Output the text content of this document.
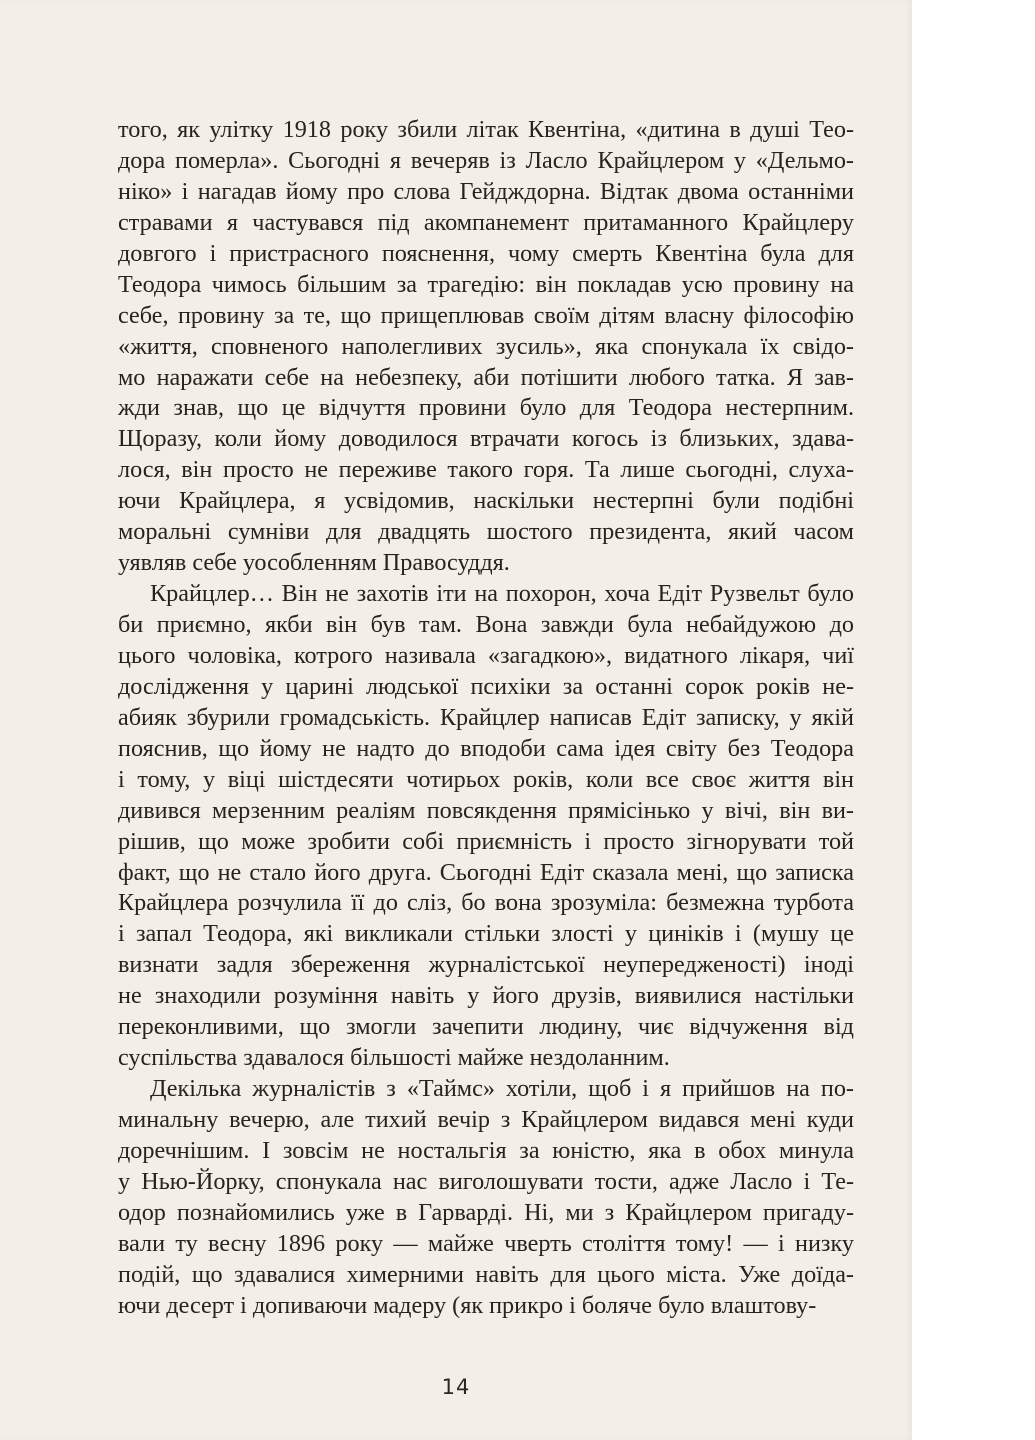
того, як улітку 1918 року збили літак Квентіна, «дитина в душі Тео-
дора померла». Сьогодні я вечеряв із Ласло Крайцлером у «Дельмо-
ніко» і нагадав йому про слова Гейдждорна. Відтак двома останніми
стравами я частувався під акомпанемент притаманного Крайцлеру
довгого і пристрасного пояснення, чому смерть Квентіна була для
Теодора чимось більшим за трагедію: він покладав усю провину на
себе, провину за те, що прищеплював своїм дітям власну філософію
«життя, сповненого наполегливих зусиль», яка спонукала їх свідо-
мо наражати себе на небезпеку, аби потішити любого татка. Я зав-
жди знав, що це відчуття провини було для Теодора нестерпним.
Щоразу, коли йому доводилося втрачати когось із близьких, здава-
лося, він просто не переживе такого горя. Та лише сьогодні, слуха-
ючи Крайцлера, я усвідомив, наскільки нестерпні були подібні
моральні сумніви для двадцять шостого президента, який часом
уявляв себе уособленням Правосуддя.
Крайцлер… Він не захотів іти на похорон, хоча Едіт Рузвельт було
би приємно, якби він був там. Вона завжди була небайдужою до
цього чоловіка, котрого називала «загадкою», видатного лікаря, чиї
дослідження у царині людської психіки за останні сорок років не-
абияк збурили громадськість. Крайцлер написав Едіт записку, у якій
пояснив, що йому не надто до вподоби сама ідея світу без Теодора
і тому, у віці шістдесяти чотирьох років, коли все своє життя він
дивився мерзенним реаліям повсякдення прямісінько у вічі, він ви-
рішив, що може зробити собі приємність і просто зігнорувати той
факт, що не стало його друга. Сьогодні Едіт сказала мені, що записка
Крайцлера розчулила її до сліз, бо вона зрозуміла: безмежна турбота
і запал Теодора, які викликали стільки злості у циніків і (мушу це
визнати задля збереження журналістської неупередженості) іноді
не знаходили розуміння навіть у його друзів, виявилися настільки
переконливими, що змогли зачепити людину, чиє відчуження від
суспільства здавалося більшості майже нездоланним.
Декілька журналістів з «Таймс» хотіли, щоб і я прийшов на по-
минальну вечерю, але тихий вечір з Крайцлером видався мені куди
доречнішим. І зовсім не ностальгія за юністю, яка в обох минула
у Нью-Йорку, спонукала нас виголошувати тости, адже Ласло і Те-
одор познайомились уже в Гарварді. Ні, ми з Крайцлером пригаду-
вали ту весну 1896 року — майже чверть століття тому! — і низку
подій, що здавалися химерними навіть для цього міста. Уже доїда-
ючи десерт і допиваючи мадеру (як прикро і боляче було влаштову-
14
